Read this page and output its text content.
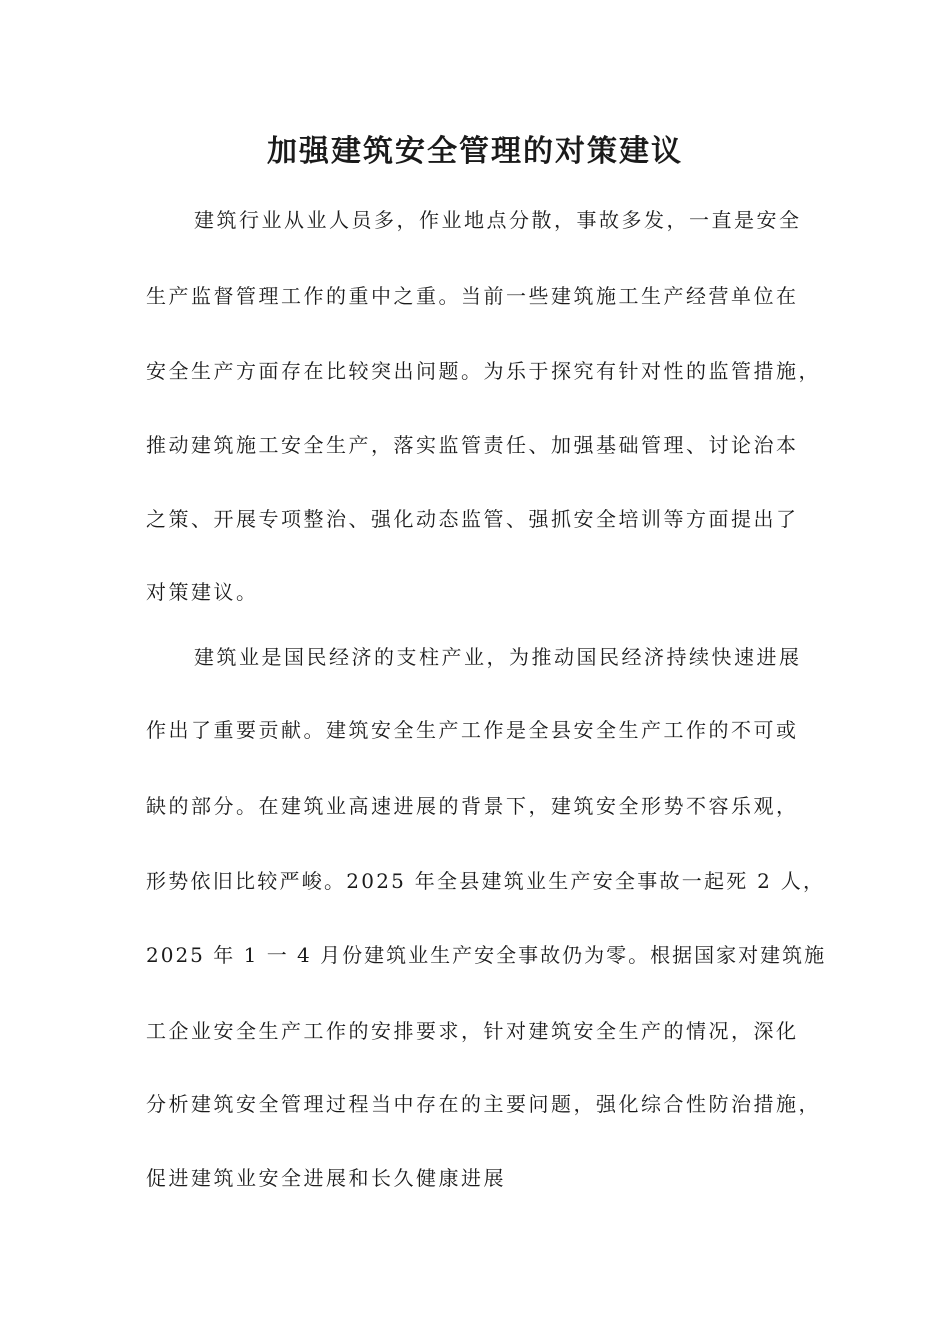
加强建筑安全管理的对策建议

建筑行业从业人员多，作业地点分散，事故多发，一直是安全

生产监督管理工作的重中之重。当前一些建筑施工生产经营单位在

安全生产方面存在比较突出问题。为乐于探究有针对性的监管措施，

推动建筑施工安全生产，落实监管责任、加强基础管理、讨论治本

之策、开展专项整治、强化动态监管、强抓安全培训等方面提出了

对策建议。

建筑业是国民经济的支柱产业，为推动国民经济持续快速进展

作出了重要贡献。建筑安全生产工作是全县安全生产工作的不可或

缺的部分。在建筑业高速进展的背景下，建筑安全形势不容乐观，

形势依旧比较严峻。2025 年全县建筑业生产安全事故一起死 2 人，

2025 年 1 一 4 月份建筑业生产安全事故仍为零。根据国家对建筑施

工企业安全生产工作的安排要求，针对建筑安全生产的情况，深化

分析建筑安全管理过程当中存在的主要问题，强化综合性防治措施，

促进建筑业安全进展和长久健康进展
